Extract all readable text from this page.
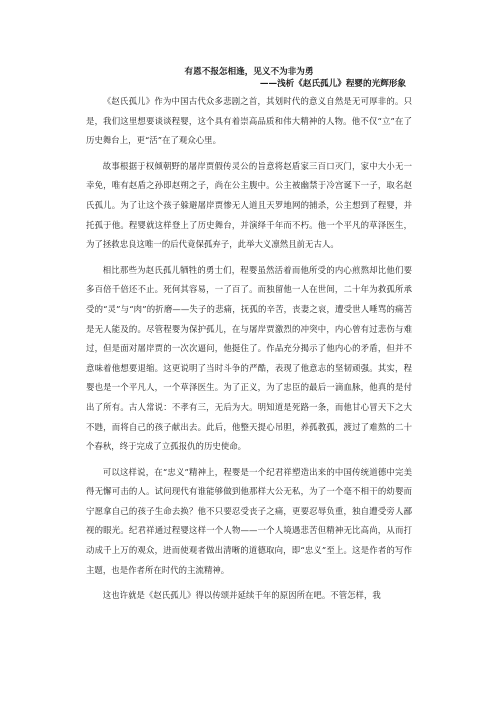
有恩不报怎相逢，见义不为非为勇

——浅析《赵氏孤儿》程婴的光辉形象

《赵氏孤儿》作为中国古代众多悲剧之首，其划时代的意义自然是无可厚非的。只是，我们这里想要谈谈程婴，这个具有着崇高品质和伟大精神的人物。他不仅“立”在了历史舞台上，更“活”在了观众心里。

故事根据于权倾朝野的屠岸贾假传灵公的旨意将赵盾家三百口灭门，家中大小无一幸免，唯有赵盾之孙即赵朔之子，尚在公主腹中。公主被幽禁于冷宫诞下一子，取名赵氏孤儿。为了让这个孩子躲避屠岸贾惨无人道且天罗地网的捕杀，公主想到了程婴，并托孤于他。程婴就这样登上了历史舞台，并演绎千年而不朽。他一个平凡的草泽医生，为了拯救忠良这唯一的后代竟保孤弃子，此举大义凛然且前无古人。

相比那些为赵氏孤儿牺牲的勇士们，程婴虽然活着而他所受的内心煎熬却比他们要多百倍千倍还不止。死何其容易，一了百了。而独留他一人在世间，二十年为救孤所承受的“灵”与“肉”的折磨——失子的悲痛，抚孤的辛苦，丧妻之哀，遭受世人唾骂的痛苦是无人能及的。尽管程婴为保护孤儿，在与屠岸贾激烈的冲突中，内心曾有过悲伤与难过，但是面对屠岸贾的一次次逼问，他挺住了。作品充分揭示了他内心的矛盾，但并不意味着他想要退缩。这更说明了当时斗争的严酷，表现了他意志的坚韧顽强。其实，程婴也是一个平凡人，一个草泽医生。为了正义，为了忠臣的最后一滴血脉，他真的是付出了所有。古人常说：不孝有三，无后为大。明知道是死路一条，而他甘心冒天下之大不韪，而将自己的孩子献出去。此后，他整天提心吊胆，养孤教孤，渡过了难熬的二十个春秋，终于完成了立孤报仇的历史使命。

可以这样说，在“忠义”精神上，程婴是一个纪君祥塑造出来的中国传统道德中完美得无懈可击的人。试问现代有谁能够做到他那样大公无私，为了一个毫不相干的幼婴而宁愿拿自己的孩子生命去换？他不只要忍受丧子之痛，更要忍辱负重，独自遭受旁人鄙视的眼光。纪君祥通过程婴这样一个人物——一个人境遇悲苦但精神无比高尚，从而打动成千上万的观众，进而使观者做出清晰的道德取向，即“忠义”至上。这是作者的写作主题，也是作者所在时代的主流精神。

这也许就是《赵氏孤儿》得以传颂并延续千年的原因所在吧。不管怎样，我
